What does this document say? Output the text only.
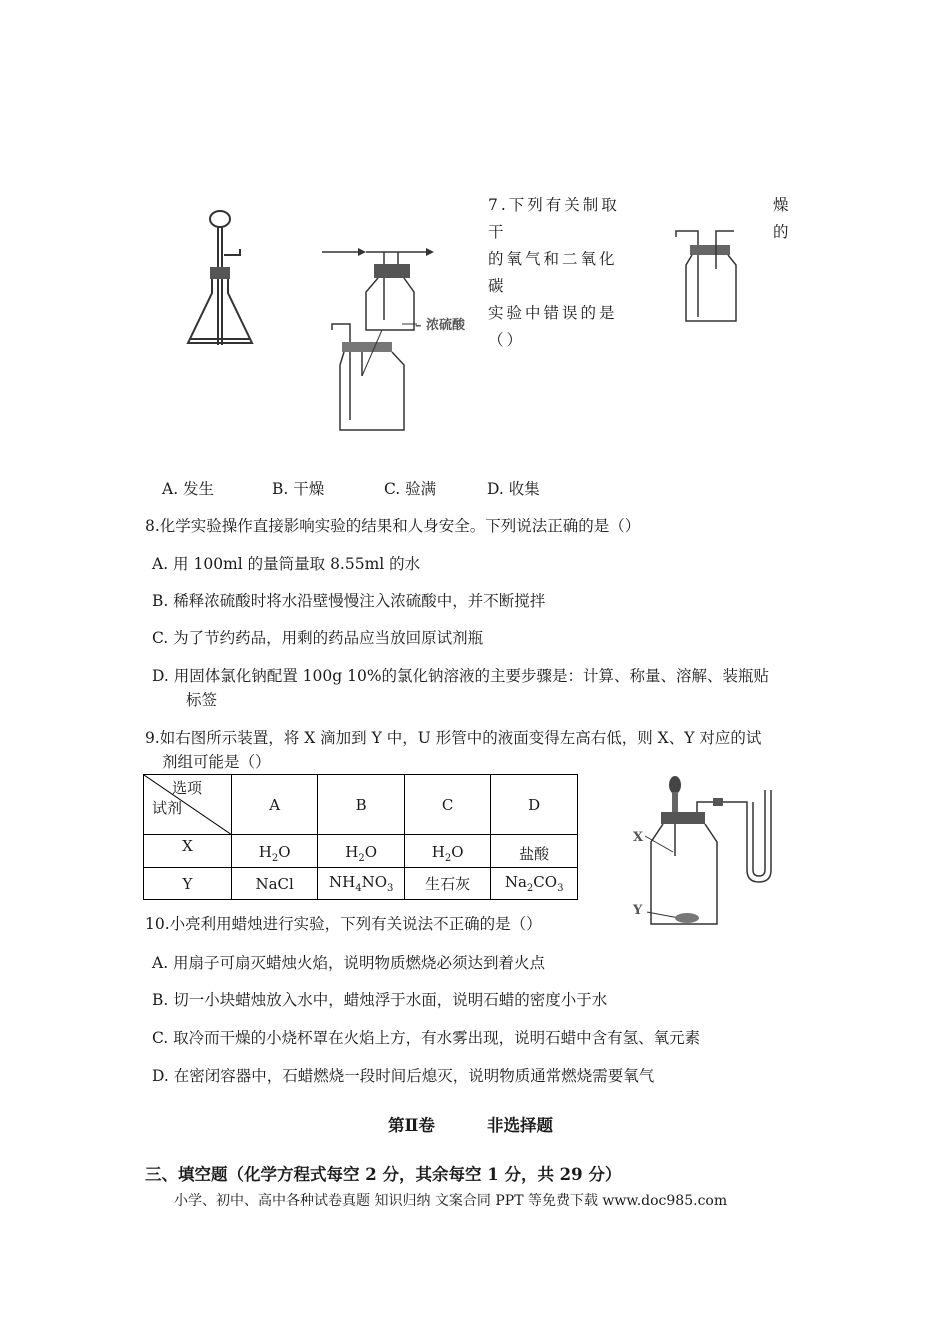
– 浓硫酸
7.下列有关制取干
的氧气和二氧化碳
实验中错误的是
（）
燥
的
A. 发生	B. 干燥	C. 验满	D. 收集
8.化学实验操作直接影响实验的结果和人身安全。下列说法正确的是（）
A. 用 100ml 的量筒量取 8.55ml 的水
B. 稀释浓硫酸时将水沿壁慢慢注入浓硫酸中，并不断搅拌
C. 为了节约药品，用剩的药品应当放回原试剂瓶
D. 用固体氯化钠配置 100g 10%的氯化钠溶液的主要步骤是：计算、称量、溶解、装瓶贴
标签
9.如右图所示装置，将 X 滴加到 Y 中，U 形管中的液面变得左高右低，则 X、Y 对应的试
剂组可能是（）
选项
试剂	A	B	C	D
X	$H_2O$	$H_2O$	$H_2O$	盐酸
Y	NaCl	$NH_4NO_3$	生石灰	$Na_2CO_3$
X
Y
10.小亮利用蜡烛进行实验，下列有关说法不正确的是（）
A. 用扇子可扇灭蜡烛火焰，说明物质燃烧必须达到着火点
B. 切一小块蜡烛放入水中，蜡烛浮于水面，说明石蜡的密度小于水
C. 取冷而干燥的小烧杯罩在火焰上方，有水雾出现，说明石蜡中含有氢、氧元素
D. 在密闭容器中，石蜡燃烧一段时间后熄灭，说明物质通常燃烧需要氧气
第Ⅱ卷	非选择题
三、填空题（化学方程式每空 2 分，其余每空 1 分，共 29 分）
小学、初中、高中各种试卷真题 知识归纳 文案合同 PPT 等免费下载 www.doc985.com
